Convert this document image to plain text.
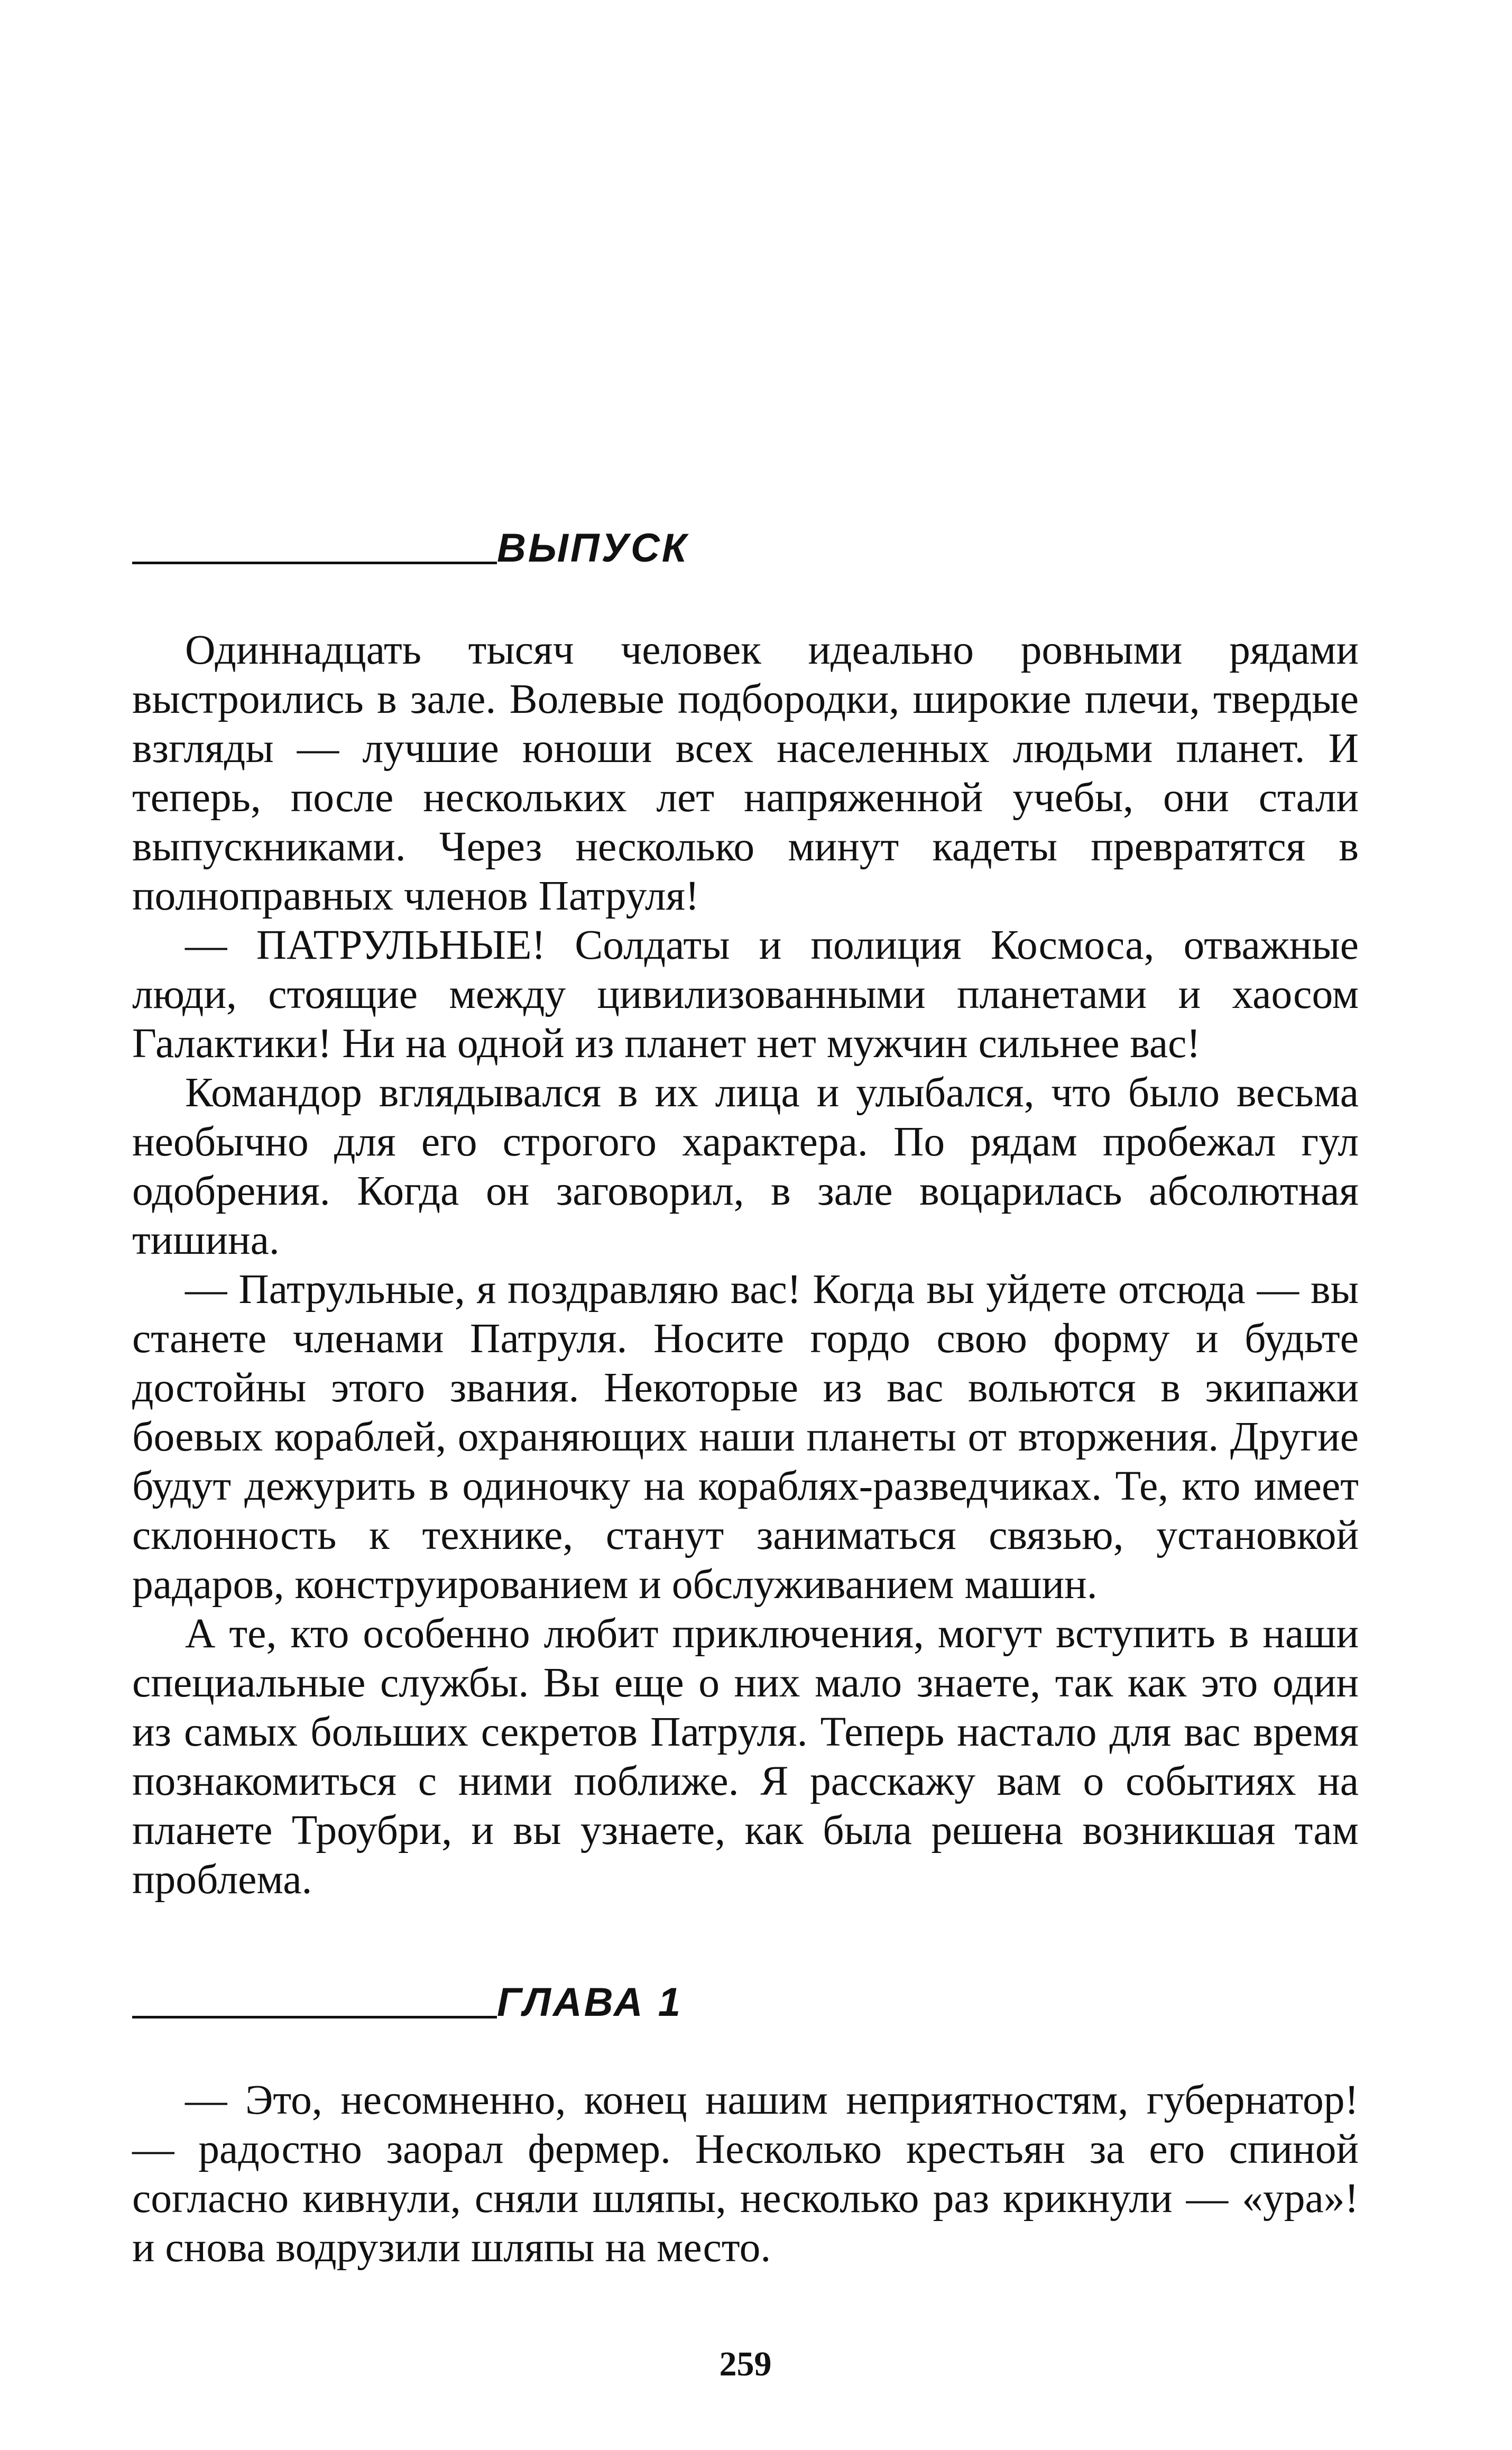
ВЫПУСК

Одиннадцать тысяч человек идеально ровными рядами выстроились в зале. Волевые подбородки, широкие плечи, твердые взгляды — лучшие юноши всех населенных людьми планет. И теперь, после нескольких лет напряженной учебы, они стали выпускниками. Через несколько минут кадеты превратятся в полноправных членов Патруля!

— ПАТРУЛЬНЫЕ! Солдаты и полиция Космоса, отважные люди, стоящие между цивилизованными планетами и хаосом Галактики! Ни на одной из планет нет мужчин сильнее вас!

Командор вглядывался в их лица и улыбался, что было весьма необычно для его строгого характера. По рядам пробежал гул одобрения. Когда он заговорил, в зале воцарилась абсолютная тишина.

— Патрульные, я поздравляю вас! Когда вы уйдете отсюда — вы станете членами Патруля. Носите гордо свою форму и будьте достойны этого звания. Некоторые из вас вольются в экипажи боевых кораблей, охраняющих наши планеты от вторжения. Другие будут дежурить в одиночку на кораблях-разведчиках. Те, кто имеет склонность к технике, станут заниматься связью, установкой радаров, конструированием и обслуживанием машин.

А те, кто особенно любит приключения, могут вступить в наши специальные службы. Вы еще о них мало знаете, так как это один из самых больших секретов Патруля. Теперь настало для вас время познакомиться с ними поближе. Я расскажу вам о событиях на планете Троубри, и вы узнаете, как была решена возникшая там проблема.

ГЛАВА 1

— Это, несомненно, конец нашим неприятностям, губернатор! — радостно заорал фермер. Несколько крестьян за его спиной согласно кивнули, сняли шляпы, несколько раз крикнули — «ура»! и снова водрузили шляпы на место.

259
